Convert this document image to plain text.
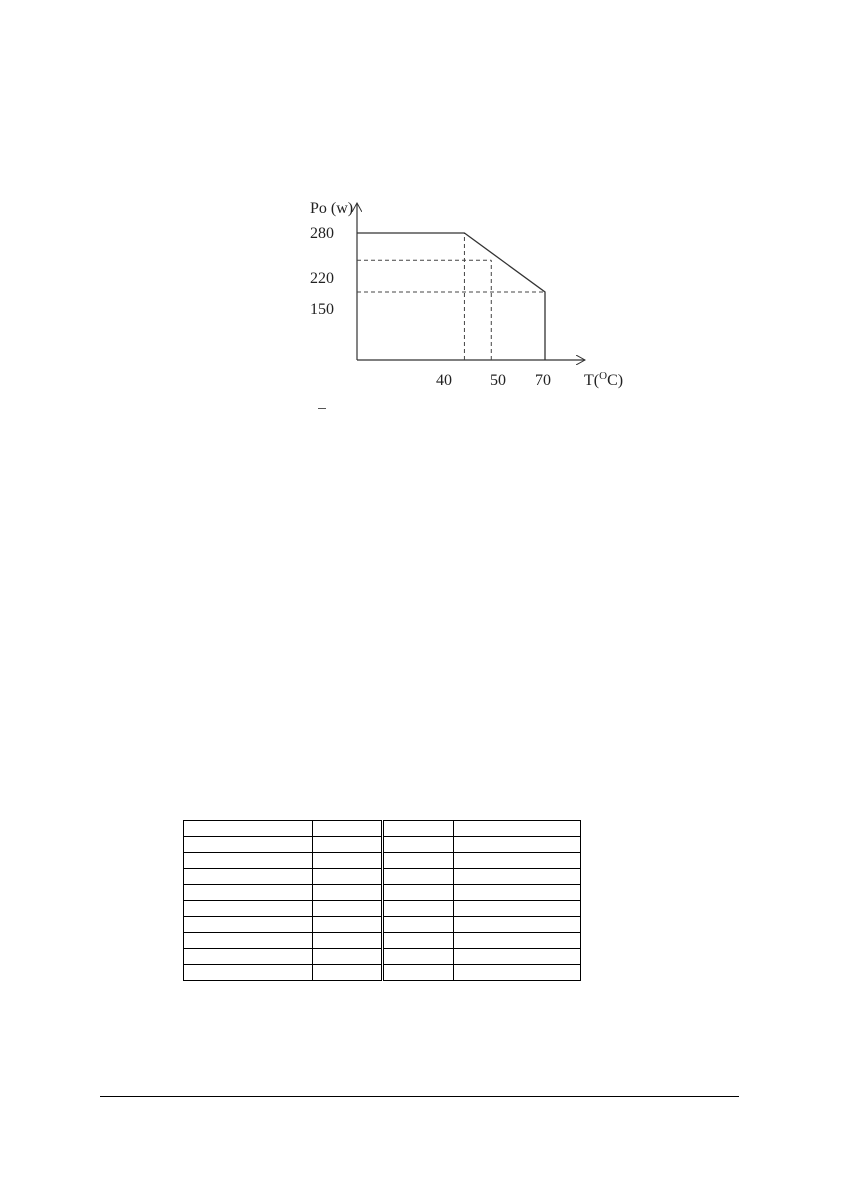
Po (w)
T($^O$C)
280
220
150
40 50 70
